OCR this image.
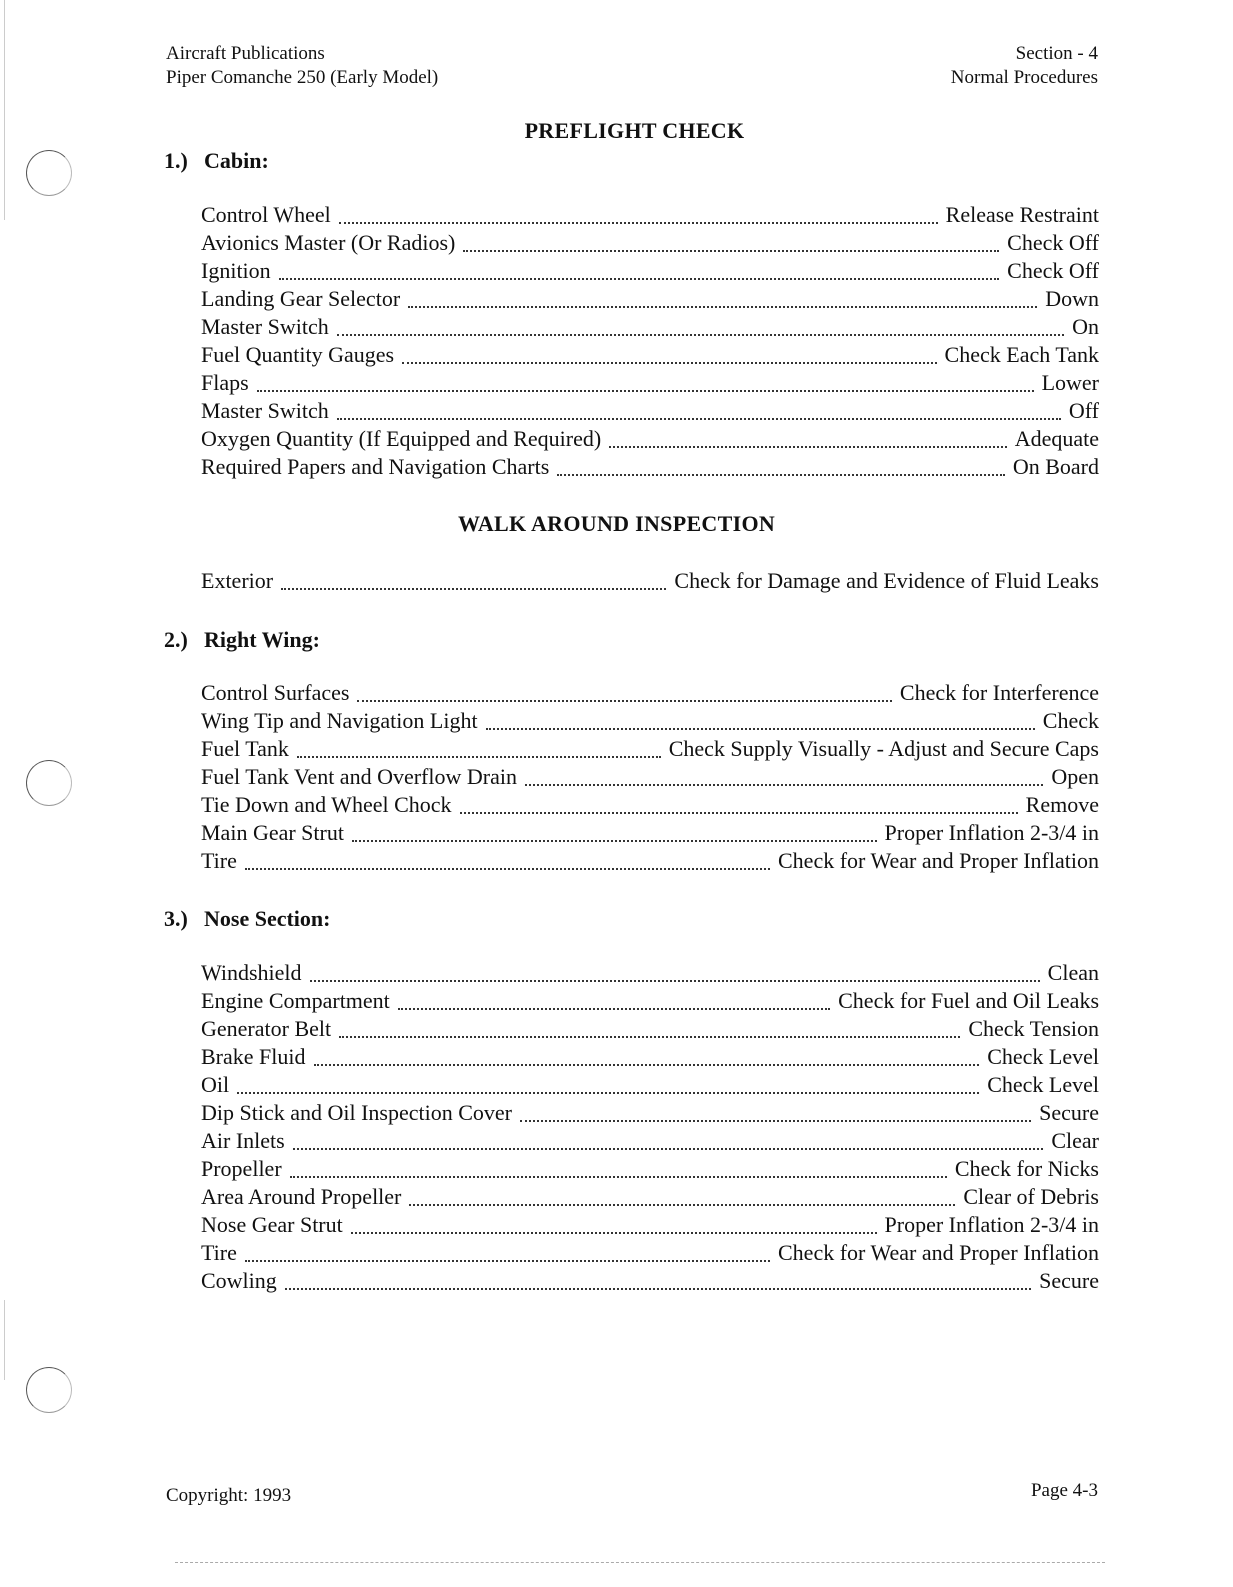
Aircraft Publications
Piper Comanche 250 (Early Model)
Section - 4
Normal Procedures
PREFLIGHT CHECK
1.) Cabin:
Control Wheel	Release Restraint
Avionics Master (Or Radios)	Check Off
Ignition	Check Off
Landing Gear Selector	Down
Master Switch	On
Fuel Quantity Gauges	Check Each Tank
Flaps	Lower
Master Switch	Off
Oxygen Quantity (If Equipped and Required)	Adequate
Required Papers and Navigation Charts	On Board
WALK AROUND INSPECTION
Exterior	Check for Damage and Evidence of Fluid Leaks
2.) Right Wing:
Control Surfaces	Check for Interference
Wing Tip and Navigation Light	Check
Fuel Tank	Check Supply Visually - Adjust and Secure Caps
Fuel Tank Vent and Overflow Drain	Open
Tie Down and Wheel Chock	Remove
Main Gear Strut	Proper Inflation 2-3/4 in
Tire	Check for Wear and Proper Inflation
3.) Nose Section:
Windshield	Clean
Engine Compartment	Check for Fuel and Oil Leaks
Generator Belt	Check Tension
Brake Fluid	Check Level
Oil	Check Level
Dip Stick and Oil Inspection Cover	Secure
Air Inlets	Clear
Propeller	Check for Nicks
Area Around Propeller	Clear of Debris
Nose Gear Strut	Proper Inflation 2-3/4 in
Tire	Check for Wear and Proper Inflation
Cowling	Secure
Copyright: 1993	Page 4-3
